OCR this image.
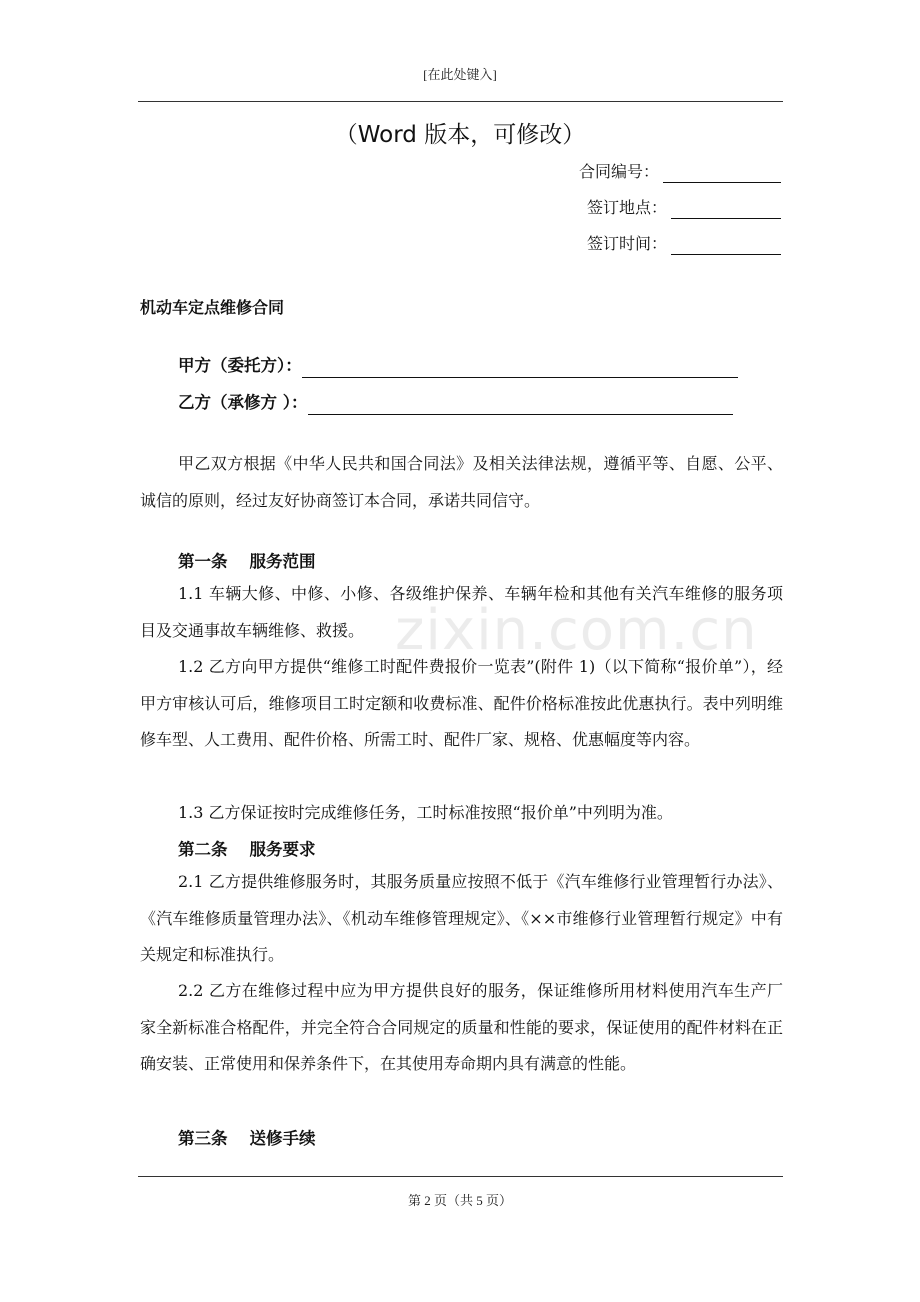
[在此处键入]
（Word 版本，可修改）
合同编号：
签订地点：
签订时间：
机动车定点维修合同
甲方（委托方）：
乙方（承修方 ）：
甲乙双方根据《中华人民共和国合同法》及相关法律法规，遵循平等、自愿、公平、诚信的原则，经过友好协商签订本合同，承诺共同信守。
第一条 服务范围
1.1 车辆大修、中修、小修、各级维护保养、车辆年检和其他有关汽车维修的服务项目及交通事故车辆维修、救援。
1.2 乙方向甲方提供“维修工时配件费报价一览表”(附件 1)（以下简称“报价单”），经甲方审核认可后，维修项目工时定额和收费标准、配件价格标准按此优惠执行。表中列明维修车型、人工费用、配件价格、所需工时、配件厂家、规格、优惠幅度等内容。
1.3 乙方保证按时完成维修任务，工时标准按照“报价单”中列明为准。
第二条 服务要求
2.1 乙方提供维修服务时，其服务质量应按照不低于《汽车维修行业管理暂行办法》、《汽车维修质量管理办法》、《机动车维修管理规定》、《××市维修行业管理暂行规定》中有关规定和标准执行。
2.2 乙方在维修过程中应为甲方提供良好的服务，保证维修所用材料使用汽车生产厂家全新标准合格配件，并完全符合合同规定的质量和性能的要求，保证使用的配件材料在正确安装、正常使用和保养条件下，在其使用寿命期内具有满意的性能。
第三条 送修手续
zixin.com.cn
第 2 页（共 5 页）
